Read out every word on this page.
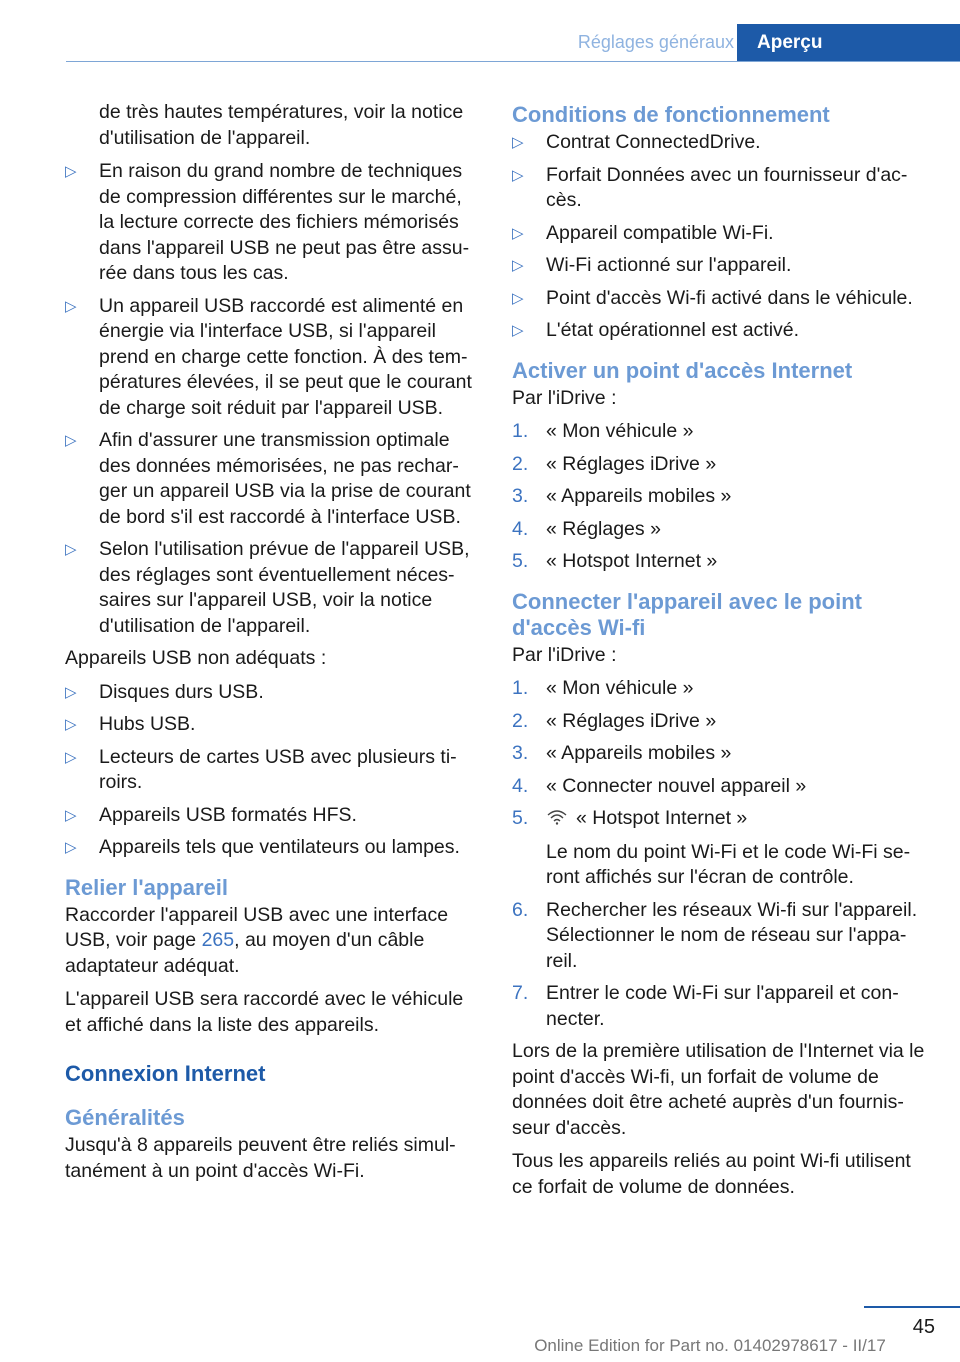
Réglages généraux	Aperçu

de très hautes températures, voir la notice d'utilisation de l'appareil.

▷ En raison du grand nombre de techniques de compression différentes sur le marché, la lecture correcte des fichiers mémorisés dans l'appareil USB ne peut pas être assu-rée dans tous les cas.
▷ Un appareil USB raccordé est alimenté en énergie via l'interface USB, si l'appareil prend en charge cette fonction. À des tem-pératures élevées, il se peut que le courant de charge soit réduit par l'appareil USB.
▷ Afin d'assurer une transmission optimale des données mémorisées, ne pas rechar-ger un appareil USB via la prise de courant de bord s'il est raccordé à l'interface USB.
▷ Selon l'utilisation prévue de l'appareil USB, des réglages sont éventuellement néces-saires sur l'appareil USB, voir la notice d'utilisation de l'appareil.

Appareils USB non adéquats :

▷ Disques durs USB.
▷ Hubs USB.
▷ Lecteurs de cartes USB avec plusieurs ti-roirs.
▷ Appareils USB formatés HFS.
▷ Appareils tels que ventilateurs ou lampes.
Relier l'appareil

Raccorder l'appareil USB avec une interface USB, voir page 265, au moyen d'un câble adaptateur adéquat.

L'appareil USB sera raccordé avec le véhicule et affiché dans la liste des appareils.

Connexion Internet
Généralités

Jusqu'à 8 appareils peuvent être reliés simul-tanément à un point d'accès Wi-Fi.

Conditions de fonctionnement
▷ Contrat ConnectedDrive.
▷ Forfait Données avec un fournisseur d'ac-cès.
▷ Appareil compatible Wi-Fi.
▷ Wi-Fi actionné sur l'appareil.
▷ Point d'accès Wi-fi activé dans le véhicule.
▷ L'état opérationnel est activé.
Activer un point d'accès Internet

Par l'iDrive :

1. « Mon véhicule »
2. « Réglages iDrive »
3. « Appareils mobiles »
4. « Réglages »
5. « Hotspot Internet »
Connecter l'appareil avec le point d'accès Wi-fi

Par l'iDrive :

1. « Mon véhicule »
2. « Réglages iDrive »
3. « Appareils mobiles »
4. « Connecter nouvel appareil »
5. « Hotspot Internet »
Le nom du point Wi-Fi et le code Wi-Fi se-ront affichés sur l'écran de contrôle.
6. Rechercher les réseaux Wi-fi sur l'appareil. Sélectionner le nom de réseau sur l'appa-reil.
7. Entrer le code Wi-Fi sur l'appareil et con-necter.

Lors de la première utilisation de l'Internet via le point d'accès Wi-fi, un forfait de volume de données doit être acheté auprès d'un fournis-seur d'accès.

Tous les appareils reliés au point Wi-fi utilisent ce forfait de volume de données.

45
Online Edition for Part no. 01402978617 - II/17
